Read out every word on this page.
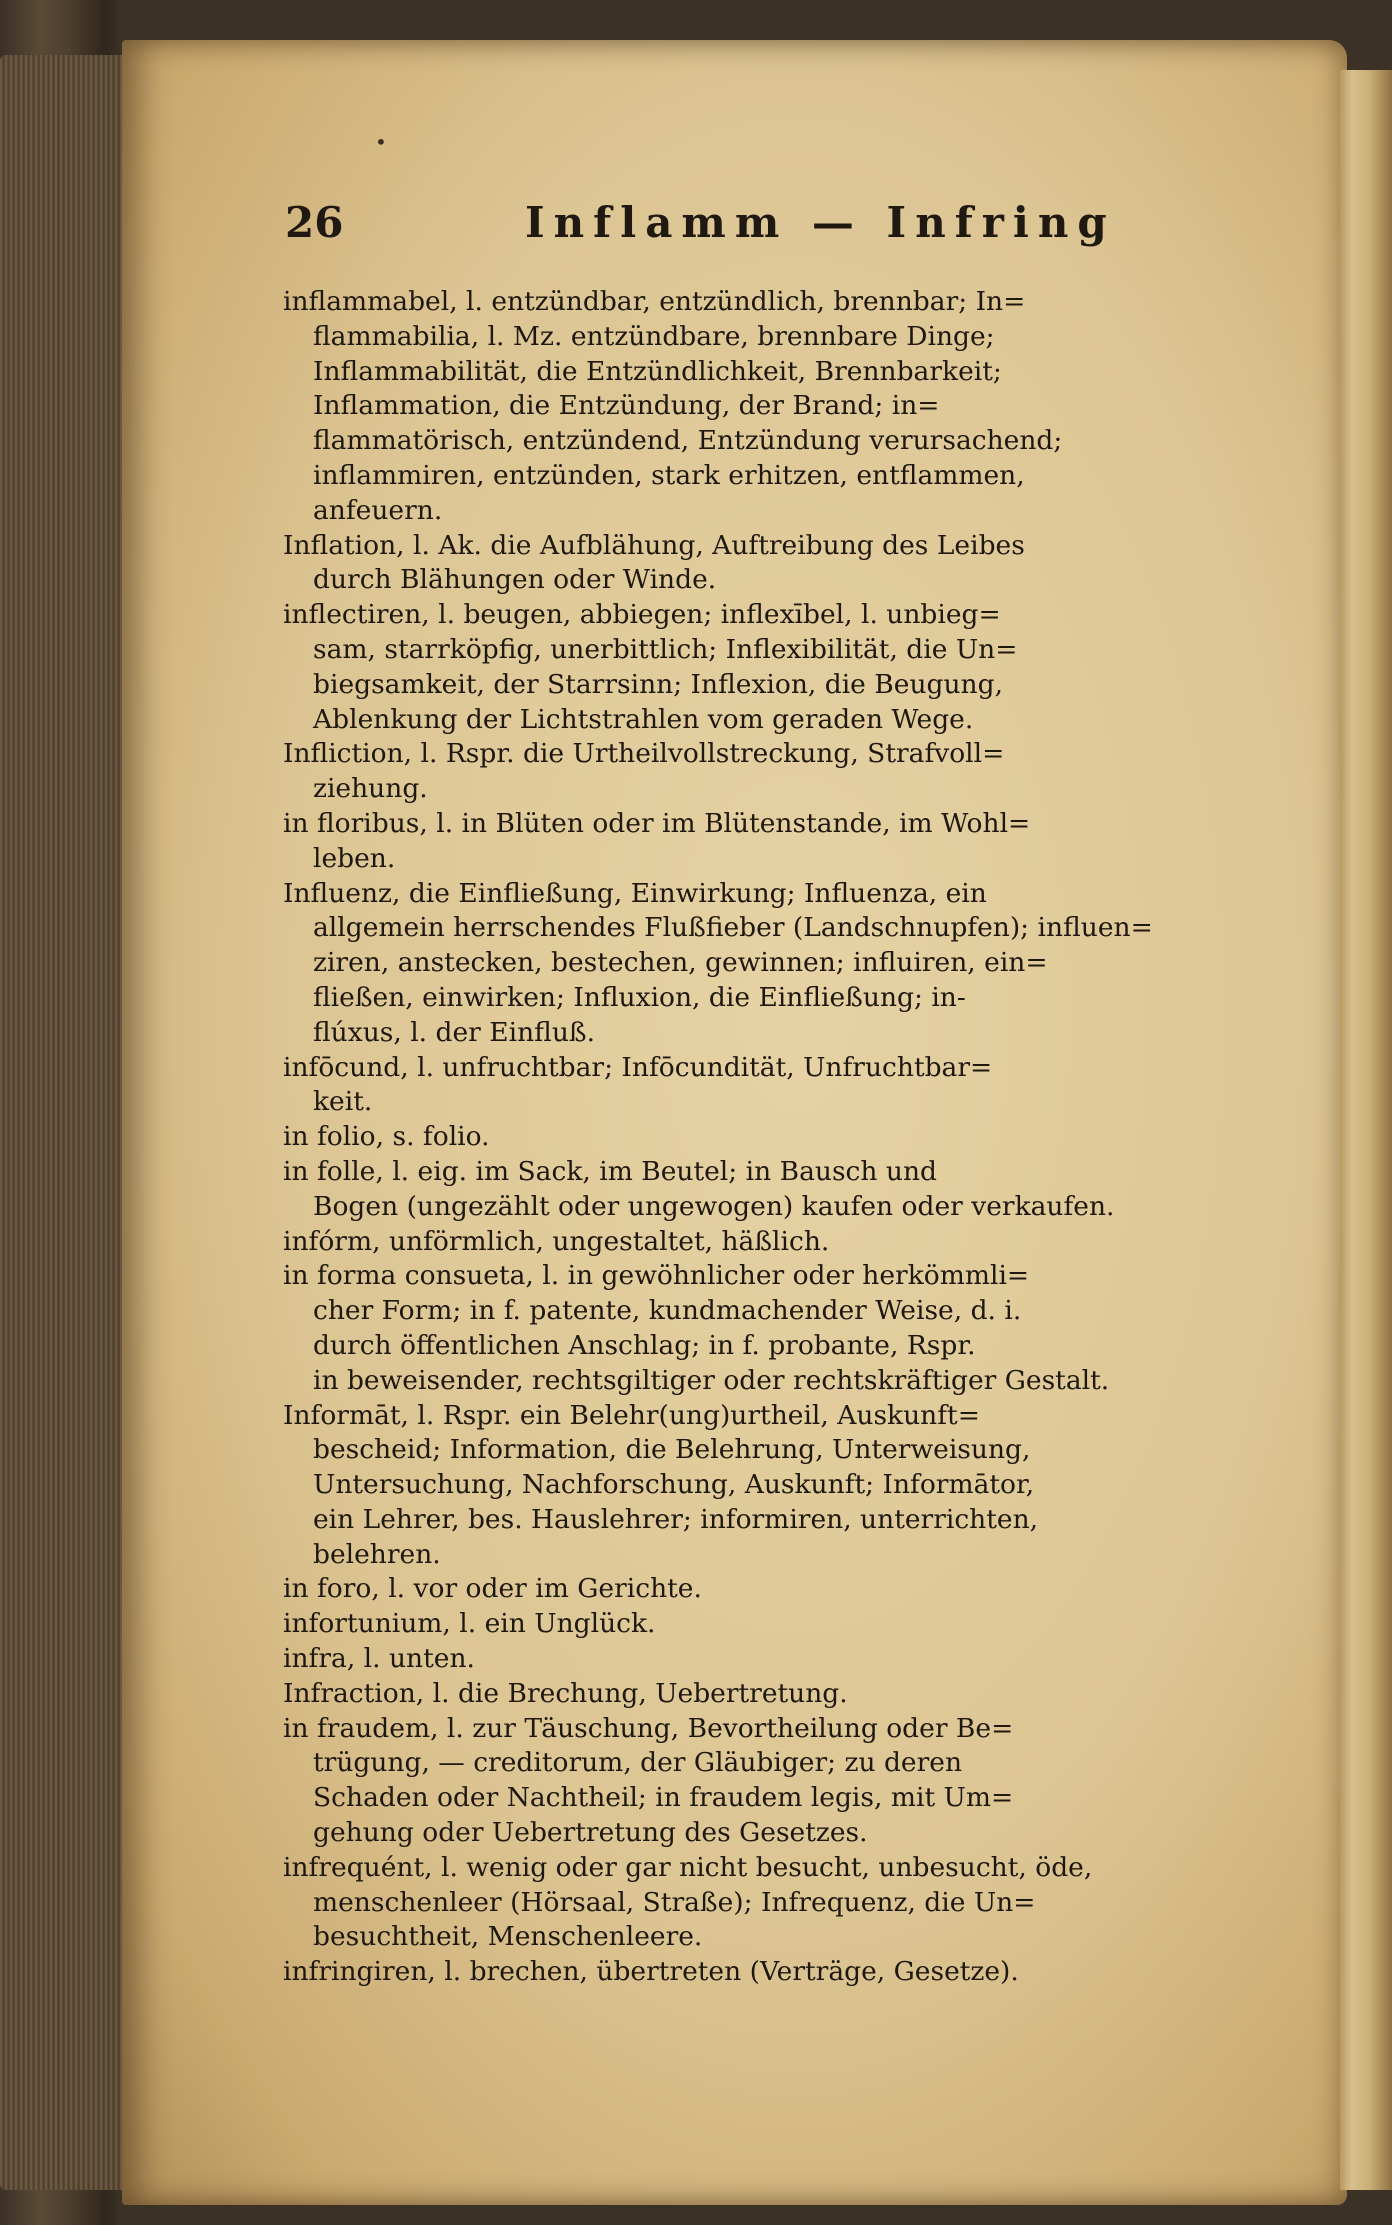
26	Inflamm — Infring
•
inflammabel, l. entzündbar, entzündlich, brennbar; In=
flammabilia, l. Mz. entzündbare, brennbare Dinge;
Inflammabilität, die Entzündlichkeit, Brennbarkeit;
Inflammation, die Entzündung, der Brand; in=
flammatörisch, entzündend, Entzündung verursachend;
inflammiren, entzünden, stark erhitzen, entflammen,
anfeuern.
Inflation, l. Ak. die Aufblähung, Auftreibung des Leibes
durch Blähungen oder Winde.
inflectiren, l. beugen, abbiegen; inflexībel, l. unbieg=
sam, starrköpfig, unerbittlich; Inflexibilität, die Un=
biegsamkeit, der Starrsinn; Inflexion, die Beugung,
Ablenkung der Lichtstrahlen vom geraden Wege.
Infliction, l. Rspr. die Urtheilvollstreckung, Strafvoll=
ziehung.
in floribus, l. in Blüten oder im Blütenstande, im Wohl=
leben.
Influenz, die Einfließung, Einwirkung; Influenza, ein
allgemein herrschendes Flußfieber (Landschnupfen); influen=
ziren, anstecken, bestechen, gewinnen; influiren, ein=
fließen, einwirken; Influxion, die Einfließung; in-
flúxus, l. der Einfluß.
infōcund, l. unfruchtbar; Infōcundität, Unfruchtbar=
keit.
in folio, s. folio.
in folle, l. eig. im Sack, im Beutel; in Bausch und
Bogen (ungezählt oder ungewogen) kaufen oder verkaufen.
infórm, unförmlich, ungestaltet, häßlich.
in forma consueta, l. in gewöhnlicher oder herkömmli=
cher Form; in f. patente, kundmachender Weise, d. i.
durch öffentlichen Anschlag; in f. probante, Rspr.
in beweisender, rechtsgiltiger oder rechtskräftiger Gestalt.
Informāt, l. Rspr. ein Belehr(ung)urtheil, Auskunft=
bescheid; Information, die Belehrung, Unterweisung,
Untersuchung, Nachforschung, Auskunft; Informātor,
ein Lehrer, bes. Hauslehrer; informiren, unterrichten,
belehren.
in foro, l. vor oder im Gerichte.
infortunium, l. ein Unglück.
infra, l. unten.
Infraction, l. die Brechung, Uebertretung.
in fraudem, l. zur Täuschung, Bevortheilung oder Be=
trügung, — creditorum, der Gläubiger; zu deren
Schaden oder Nachtheil; in fraudem legis, mit Um=
gehung oder Uebertretung des Gesetzes.
infrequént, l. wenig oder gar nicht besucht, unbesucht, öde,
menschenleer (Hörsaal, Straße); Infrequenz, die Un=
besuchtheit, Menschenleere.
infringiren, l. brechen, übertreten (Verträge, Gesetze).
